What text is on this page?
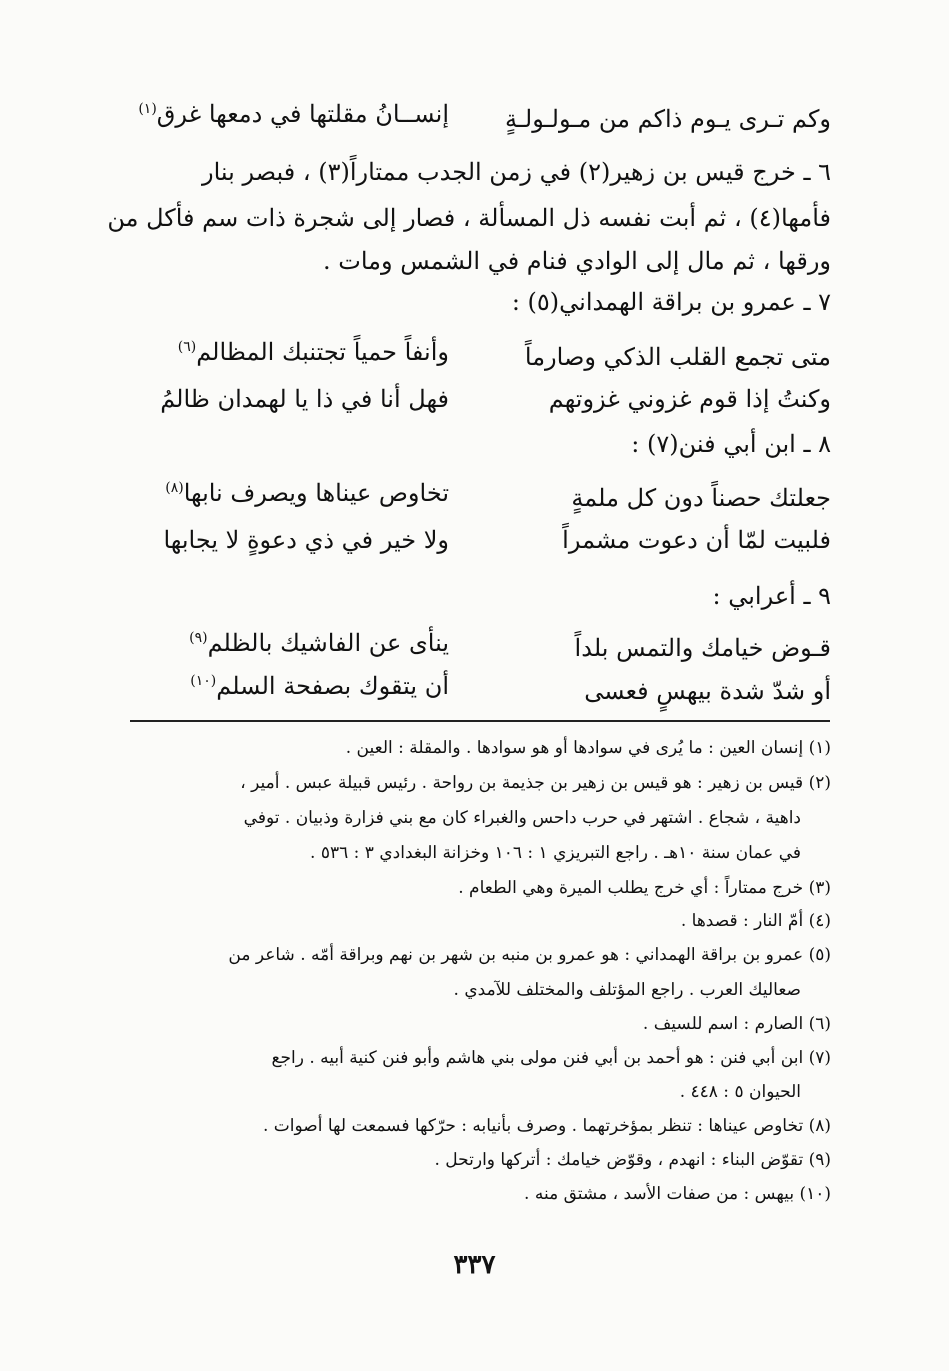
وكم تـرى يـوم ذاكم من مـولـولـةٍ
إنســانُ مقلتها في دمعها غرق$^{(١)}$
٦ ـ خرج قيس بن زهير(٢) في زمن الجدب ممتاراً(٣) ، فبصر بنار
فأمها(٤) ، ثم أبت نفسه ذل المسألة ، فصار إلى شجرة ذات سم فأكل من
ورقها ، ثم مال إلى الوادي فنام في الشمس ومات .
٧ ـ عمرو بن براقة الهمداني(٥) :
متى تجمع القلب الذكي وصارماً
وأنفاً حمياً تجتنبك المظالم$^{(٦)}$
وكنتُ إذا قوم غزوني غزوتهم
فهل أنا في ذا يا لهمدان ظالمُ
٨ ـ ابن أبي فنن(٧) :
جعلتك حصناً دون كل ملمةٍ
تخاوص عيناها ويصرف نابها$^{(٨)}$
فلبيت لمّا أن دعوت مشمراً
ولا خير في ذي دعوةٍ لا يجابها
٩ ـ أعرابي :
قـوض خيامك والتمس بلداً
ينأى عن الفاشيك بالظلم$^{(٩)}$
أو شدّ شدة بيهسٍ فعسى
أن يتقوك بصفحة السلم$^{(١٠)}$
(١) إنسان العين : ما يُرى في سوادها أو هو سوادها . والمقلة : العين .
(٢) قيس بن زهير : هو قيس بن زهير بن جذيمة بن رواحة . رئيس قبيلة عبس . أمير ،
داهية ، شجاع . اشتهر في حرب داحس والغبراء كان مع بني فزارة وذبيان . توفي
في عمان سنة ١٠هـ . راجع التبريزي ١ : ١٠٦ وخزانة البغدادي ٣ : ٥٣٦ .
(٣) خرج ممتاراً : أي خرج يطلب الميرة وهي الطعام .
(٤) أمّ النار : قصدها .
(٥) عمرو بن براقة الهمداني : هو عمرو بن منبه بن شهر بن نهم وبراقة أمّه . شاعر من
صعاليك العرب . راجع المؤتلف والمختلف للآمدي .
(٦) الصارم : اسم للسيف .
(٧) ابن أبي فنن : هو أحمد بن أبي فنن مولى بني هاشم وأبو فنن كنية أبيه . راجع
الحيوان ٥ : ٤٤٨ .
(٨) تخاوص عيناها : تنظر بمؤخرتهما . وصرف بأنيابه : حرّكها فسمعت لها أصوات .
(٩) تقوّض البناء : انهدم ، وقوّض خيامك : أتركها وارتحل .
(١٠) بيهس : من صفات الأسد ، مشتق منه .
٣٣٧
